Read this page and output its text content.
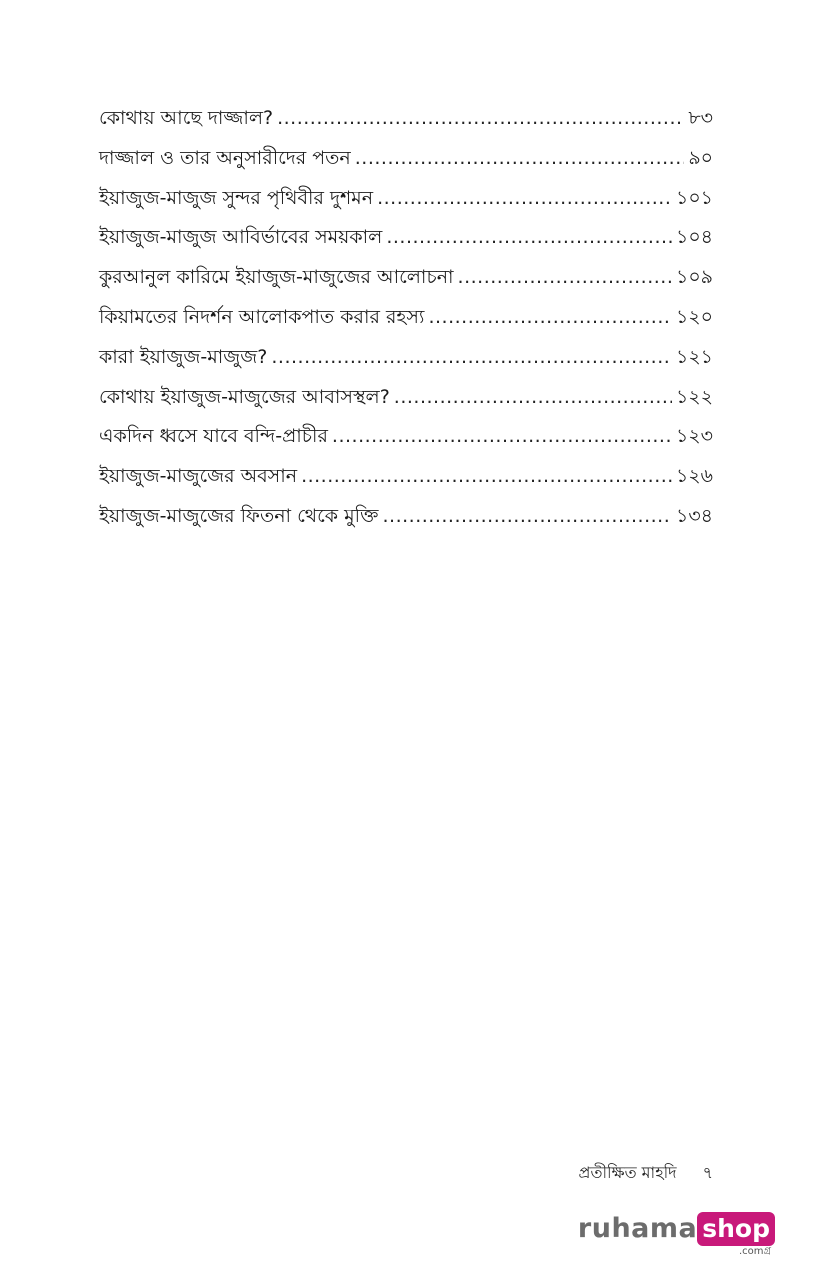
কোথায় আছে দাজ্জাল? .....	৮৩
দাজ্জাল ও তার অনুসারীদের পতন .....	৯০
ইয়াজুজ-মাজুজ সুন্দর পৃথিবীর দুশমন .....	১০১
ইয়াজুজ-মাজুজ আবির্ভাবের সময়কাল .....	১০৪
কুরআনুল কারিমে ইয়াজুজ-মাজুজের আলোচনা .....	১০৯
কিয়ামতের নিদর্শন আলোকপাত করার রহস্য .....	১২০
কারা ইয়াজুজ-মাজুজ? .....	১২১
কোথায় ইয়াজুজ-মাজুজের আবাসস্থল? .....	১২২
একদিন ধ্বসে যাবে বন্দি-প্রাচীর .....	১২৩
ইয়াজুজ-মাজুজের অবসান .....	১২৬
ইয়াজুজ-মাজুজের ফিতনা থেকে মুক্তি .....	১৩৪
প্রতীক্ষিত মাহদি ৭
ruhama shop
.comগ্র
